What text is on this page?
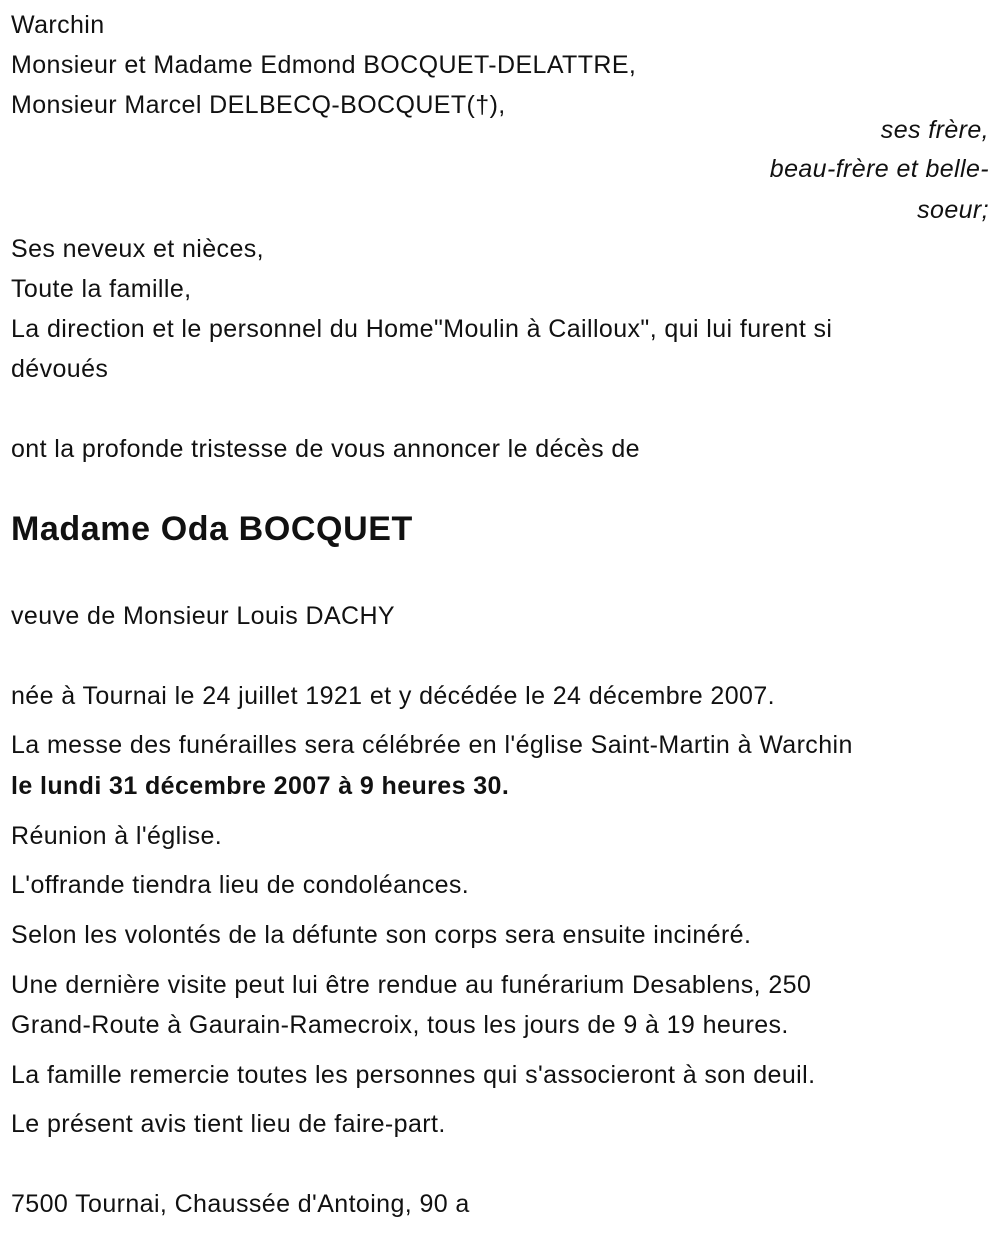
Warchin
Monsieur et Madame Edmond BOCQUET-DELATTRE,
Monsieur Marcel DELBECQ-BOCQUET(†),
ses frère,
beau-frère et belle-
soeur;
Ses neveux et nièces,
Toute la famille,
La direction et le personnel du Home"Moulin à Cailloux", qui lui furent si
dévoués
ont la profonde tristesse de vous annoncer le décès de
Madame Oda BOCQUET
veuve de Monsieur Louis DACHY
née à Tournai le 24 juillet 1921 et y décédée le 24 décembre 2007.
La messe des funérailles sera célébrée en l'église Saint-Martin à Warchin
le lundi 31 décembre 2007 à 9 heures 30.
Réunion à l'église.
L'offrande tiendra lieu de condoléances.
Selon les volontés de la défunte son corps sera ensuite incinéré.
Une dernière visite peut lui être rendue au funérarium Desablens, 250
Grand-Route à Gaurain-Ramecroix, tous les jours de 9 à 19 heures.
La famille remercie toutes les personnes qui s'associeront à son deuil.
Le présent avis tient lieu de faire-part.
7500 Tournai, Chaussée d'Antoing, 90 a
